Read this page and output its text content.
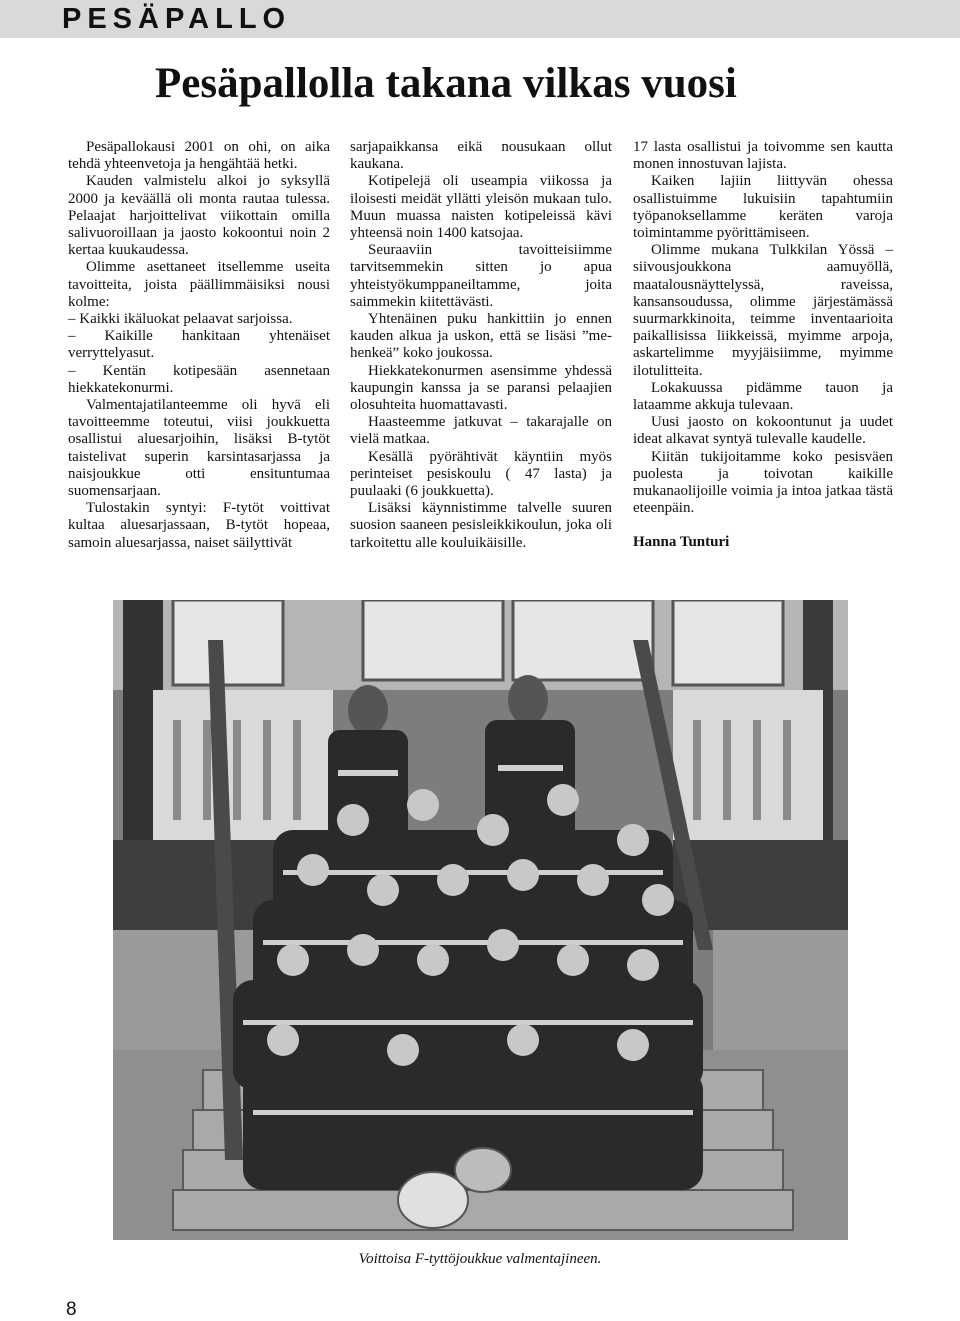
PESÄPALLO
Pesäpallolla takana vilkas vuosi

Pesäpallokausi 2001 on ohi, on aika tehdä yhteenvetoja ja hengähtää hetki.

Kauden valmistelu alkoi jo syksyllä 2000 ja keväällä oli monta rautaa tulessa. Pelaajat harjoittelivat viikottain omilla salivuoroillaan ja jaosto kokoontui noin 2 kertaa kuukaudessa.

Olimme asettaneet itsellemme useita tavoitteita, joista päällimmäisiksi nousi kolme:

– Kaikki ikäluokat pelaavat sarjoissa.

– Kaikille hankitaan yhtenäiset verryttelyasut.

– Kentän kotipesään asennetaan hiekkatekonurmi.

Valmentajatilanteemme oli hyvä eli tavoitteemme toteutui, viisi joukkuetta osallistui aluesarjoihin, lisäksi B-tytöt taistelivat superin karsintasarjassa ja naisjoukkue otti ensituntumaa suomensarjaan.

Tulostakin syntyi: F-tytöt voittivat kultaa aluesarjassaan, B-tytöt hopeaa, samoin aluesarjassa, naiset säilyttivät

sarjapaikkansa eikä nousukaan ollut kaukana.

Kotipelejä oli useampia viikossa ja iloisesti meidät yllätti yleisön mukaan tulo. Muun muassa naisten kotipeleissä kävi yhteensä noin 1400 katsojaa.

Seuraaviin tavoitteisiimme tarvitsemmekin sitten jo apua yhteistyökumppaneiltamme, joita saimmekin kiitettävästi.

Yhtenäinen puku hankittiin jo ennen kauden alkua ja uskon, että se lisäsi ”me-henkeä” koko joukossa.

Hiekkatekonurmen asensimme yhdessä kaupungin kanssa ja se paransi pelaajien olosuhteita huomattavasti.

Haasteemme jatkuvat – takarajalle on vielä matkaa.

Kesällä pyörähtivät käyntiin myös perinteiset pesiskoulu ( 47 lasta) ja puulaaki (6 joukkuetta).

Lisäksi käynnistimme talvelle suuren suosion saaneen pesisleikkikoulun, joka oli tarkoitettu alle kouluikäisille.

17 lasta osallistui ja toivomme sen kautta monen innostuvan lajista.

Kaiken lajiin liittyvän ohessa osallistuimme lukuisiin tapahtumiin työpanoksellamme keräten varoja toimintamme pyörittämiseen.

Olimme mukana Tulkkilan Yössä – siivousjoukkona aamuyöllä, maatalousnäyttelyssä, raveissa, kansansoudussa, olimme järjestämässä suurmarkkinoita, teimme inventaarioita paikallisissa liikkeissä, myimme arpoja, askartelimme myyjäisiimme, myimme ilotulitteita.

Lokakuussa pidämme tauon ja lataamme akkuja tulevaan.

Uusi jaosto on kokoontunut ja uudet ideat alkavat syntyä tulevalle kaudelle.

Kiitän tukijoitamme koko pesisväen puolesta ja toivotan kaikille mukanaolijoille voimia ja intoa jatkaa tästä eteenpäin.

Hanna Tunturi

Voittoisa F-tyttöjoukkue valmentajineen.
8
